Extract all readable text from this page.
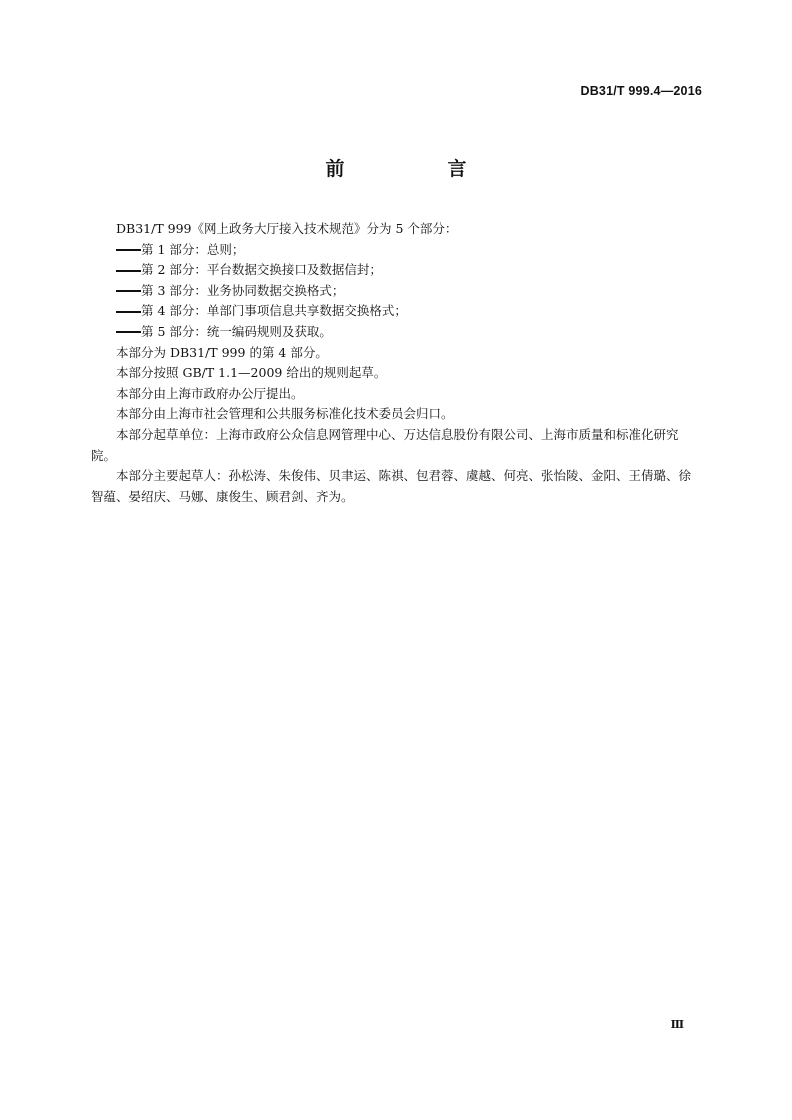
DB31/T 999.4—2016
前　言

DB31/T 999《网上政务大厅接入技术规范》分为 5 个部分：

第 1 部分：总则；

第 2 部分：平台数据交换接口及数据信封；

第 3 部分：业务协同数据交换格式；

第 4 部分：单部门事项信息共享数据交换格式；

第 5 部分：统一编码规则及获取。

本部分为 DB31/T 999 的第 4 部分。

本部分按照 GB/T 1.1—2009 给出的规则起草。

本部分由上海市政府办公厅提出。

本部分由上海市社会管理和公共服务标准化技术委员会归口。

本部分起草单位：上海市政府公众信息网管理中心、万达信息股份有限公司、上海市质量和标准化研究院。

本部分主要起草人：孙松涛、朱俊伟、贝聿运、陈祺、包君蓉、虞越、何亮、张怡陵、金阳、王倩璐、徐智蕴、晏绍庆、马娜、康俊生、顾君剑、齐为。

Ⅲ
